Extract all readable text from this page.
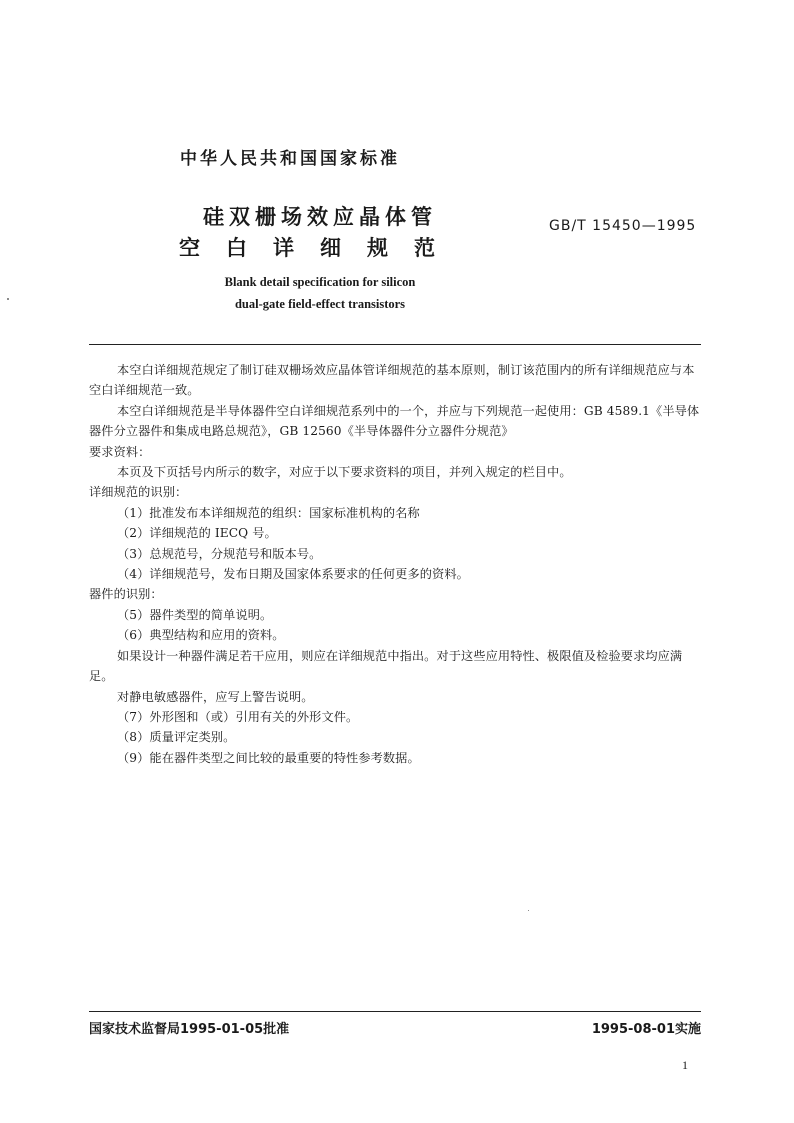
中华人民共和国国家标准
硅双栅场效应晶体管
空白详细规范
GB/T 15450—1995
Blank detail specification for silicon
dual-gate field-effect transistors

本空白详细规范规定了制订硅双栅场效应晶体管详细规范的基本原则，制订该范围内的所有详细规范应与本空白详细规范一致。

本空白详细规范是半导体器件空白详细规范系列中的一个，并应与下列规范一起使用：GB 4589.1《半导体器件分立器件和集成电路总规范》，GB 12560《半导体器件分立器件分规范》

要求资料：

本页及下页括号内所示的数字，对应于以下要求资料的项目，并列入规定的栏目中。

详细规范的识别：

（1）批准发布本详细规范的组织：国家标准机构的名称

（2）详细规范的 IECQ 号。

（3）总规范号，分规范号和版本号。

（4）详细规范号，发布日期及国家体系要求的任何更多的资料。

器件的识别：

（5）器件类型的简单说明。

（6）典型结构和应用的资料。

如果设计一种器件满足若干应用，则应在详细规范中指出。对于这些应用特性、极限值及检验要求均应满足。

对静电敏感器件，应写上警告说明。

（7）外形图和（或）引用有关的外形文件。

（8）质量评定类别。

（9）能在器件类型之间比较的最重要的特性参考数据。

国家技术监督局1995-01-05批准	1995-08-01实施
1
